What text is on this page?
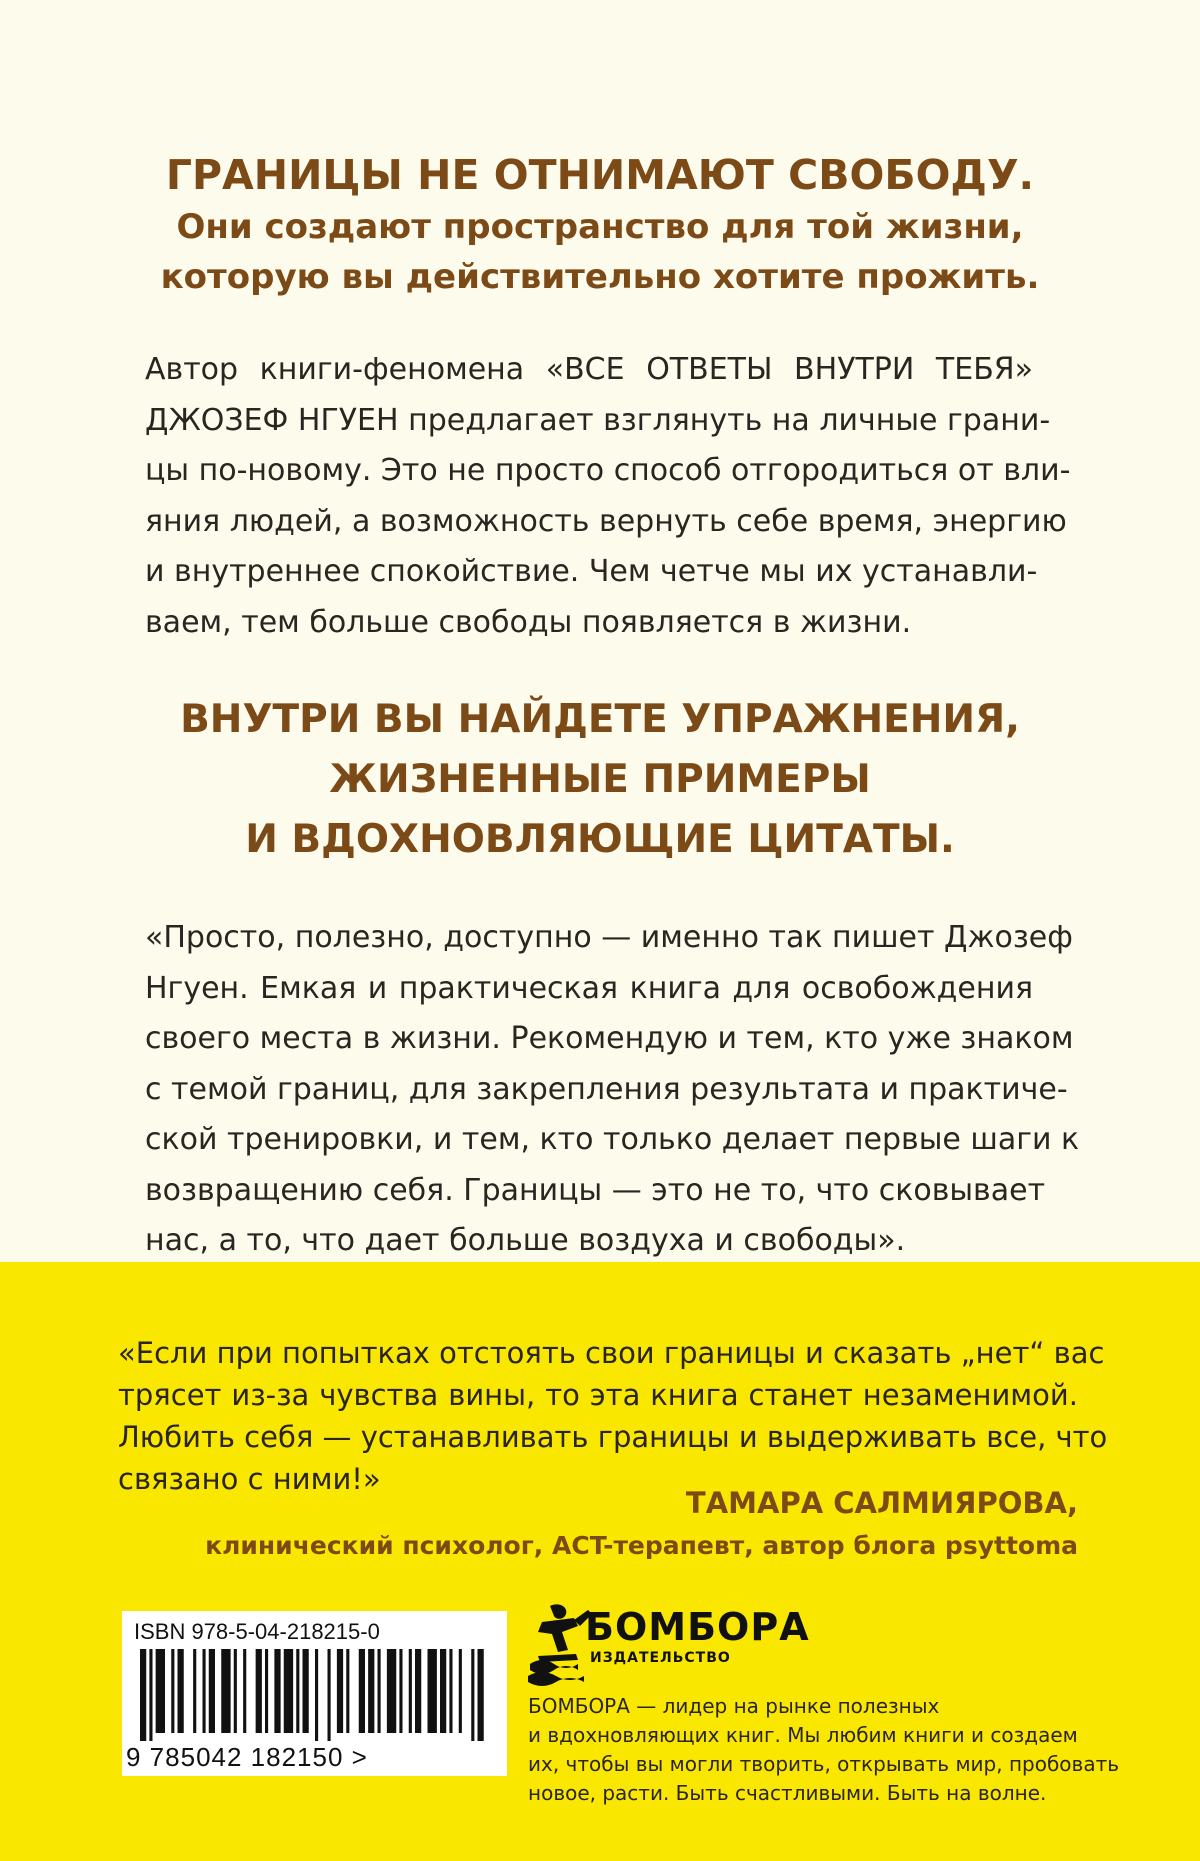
ГРАНИЦЫ НЕ ОТНИМАЮТ СВОБОДУ.
Они создают пространство для той жизни,
которую вы действительно хотите прожить.
Автор книги-феномена «ВСЕ ОТВЕТЫ ВНУТРИ ТЕБЯ»
ДЖОЗЕФ НГУЕН предлагает взглянуть на личные грани-
цы по-новому. Это не просто способ отгородиться от вли-
яния людей, а возможность вернуть себе время, энергию
и внутреннее спокойствие. Чем четче мы их устанавли-
ваем, тем больше свободы появляется в жизни.
ВНУТРИ ВЫ НАЙДЕТЕ УПРАЖНЕНИЯ,
ЖИЗНЕННЫЕ ПРИМЕРЫ
И ВДОХНОВЛЯЮЩИЕ ЦИТАТЫ.
«Просто, полезно, доступно — именно так пишет Джозеф
Нгуен. Емкая и практическая книга для освобождения
своего места в жизни. Рекомендую и тем, кто уже знаком
с темой границ, для закрепления результата и практиче-
ской тренировки, и тем, кто только делает первые шаги к
возвращению себя. Границы — это не то, что сковывает
нас, а то, что дает больше воздуха и свободы».
«Если при попытках отстоять свои границы и сказать „нет“ вас
трясет из-за чувства вины, то эта книга станет незаменимой.
Любить себя — устанавливать границы и выдерживать все, что
связано с ними!»
ТАМАРА САЛМИЯРОВА,
клинический психолог, ACT-терапевт, автор блога psyttoma
ISBN 978-5-04-218215-0
9 785042 182150 >
БОМБОРА
ИЗДАТЕЛЬСТВО
БОМБОРА — лидер на рынке полезных
и вдохновляющих книг. Мы любим книги и создаем
их, чтобы вы могли творить, открывать мир, пробовать
новое, расти. Быть счастливыми. Быть на волне.
